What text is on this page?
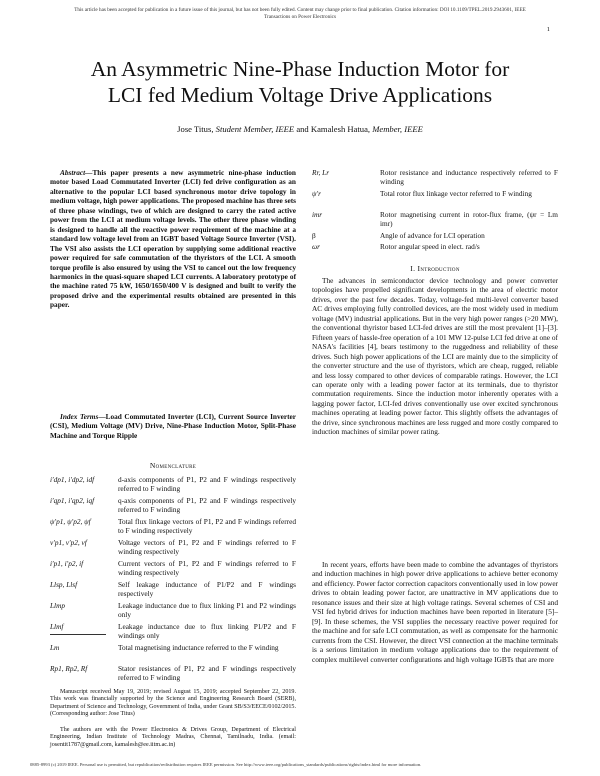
This article has been accepted for publication in a future issue of this journal, but has not been fully edited. Content may change prior to final publication. Citation information: DOI 10.1109/TPEL.2019.2943601, IEEE
Transactions on Power Electronics
1
An Asymmetric Nine-Phase Induction Motor for
LCI fed Medium Voltage Drive Applications
Jose Titus, Student Member, IEEE and Kamalesh Hatua, Member, IEEE
Abstract—This paper presents a new asymmetric nine-phase induction motor based Load Commutated Inverter (LCI) fed drive configuration as an alternative to the popular LCI based synchronous motor drive topology in medium voltage, high power applications. The proposed machine has three sets of three phase windings, two of which are designed to carry the rated active power from the LCI at medium voltage levels. The other three phase winding is designed to handle all the reactive power requirement of the machine at a standard low voltage level from an IGBT based Voltage Source Inverter (VSI). The VSI also assists the LCI operation by supplying some additional reactive power required for safe commutation of the thyristors of the LCI. A smooth torque profile is also ensured by using the VSI to cancel out the low frequency harmonics in the quasi-square shaped LCI currents. A laboratory prototype of the machine rated 75 kW, 1650/1650/400 V is designed and built to verify the proposed drive and the experimental results obtained are presented in this paper.
Index Terms—Load Commutated Inverter (LCI), Current Source Inverter (CSI), Medium Voltage (MV) Drive, Nine-Phase Induction Motor, Split-Phase Machine and Torque Ripple
Nomenclature
i′dp1, i′dp2, idf	d-axis components of P1, P2 and F windings respectively referred to F winding
i′qp1, i′qp2, iqf	q-axis components of P1, P2 and F windings respectively referred to F winding
ψ′p1, ψ′p2, ψf	Total flux linkage vectors of P1, P2 and F windings referred to F winding respectively
v′p1, v′p2, vf	Voltage vectors of P1, P2 and F windings referred to F winding respectively
i′p1, i′p2, if	Current vectors of P1, P2 and F windings referred to F winding respectively
Llsp, Llsf	Self leakage inductance of P1/P2 and F windings respectively
Llmp	Leakage inductance due to flux linking P1 and P2 windings only
Llmf	Leakage inductance due to flux linking P1/P2 and F windings only
Lm	Total magnetising inductance referred to the F winding
Rp1, Rp2, Rf	Stator resistances of P1, P2 and F windings respectively referred to F winding
Manuscript received May 19, 2019; revised August 15, 2019; accepted September 22, 2019. This work was financially supported by the Science and Engineering Research Board (SERB), Department of Science and Technology, Government of India, under Grant SB/S3/EECE/0102/2015. (Corresponding author: Jose Titus)
The authors are with the Power Electronics & Drives Group, Department of Electrical Engineering, Indian Institute of Technology Madras, Chennai, Tamilnadu, India. (email: josentit1787@gmail.com, kamalesh@ee.iitm.ac.in)
Rr, Lr	Rotor resistance and inductance respectively referred to F winding
ψ′r	Total rotor flux linkage vector referred to F winding
imr	Rotor magnetising current in rotor-flux frame, (ψr = Lm imr)
β	Angle of advance for LCI operation
ωr	Rotor angular speed in elect. rad/s
I. Introduction
The advances in semiconductor device technology and power converter topologies have propelled significant developments in the area of electric motor drives, over the past few decades. Today, voltage-fed multi-level converter based AC drives employing fully controlled devices, are the most widely used in medium voltage (MV) industrial applications. But in the very high power ranges (>20 MW), the conventional thyristor based LCI-fed drives are still the most prevalent [1]–[3]. Fifteen years of hassle-free operation of a 101 MW 12-pulse LCI fed drive at one of NASA's facilities [4], bears testimony to the ruggedness and reliability of these drives. Such high power applications of the LCI are mainly due to the simplicity of the converter structure and the use of thyristors, which are cheap, rugged, reliable and less lossy compared to other devices of comparable ratings. However, the LCI can operate only with a leading power factor at its terminals, due to thyristor commutation requirements. Since the induction motor inherently operates with a lagging power factor, LCI-fed drives conventionally use over excited synchronous machines operating at leading power factor. This slightly offsets the advantages of the drive, since synchronous machines are less rugged and more costly compared to induction machines of similar power rating.
In recent years, efforts have been made to combine the advantages of thyristors and induction machines in high power drive applications to achieve better economy and efficiency. Power factor correction capacitors conventionally used in low power drives to obtain leading power factor, are unattractive in MV applications due to resonance issues and their size at high voltage ratings. Several schemes of CSI and VSI fed hybrid drives for induction machines have been reported in literature [5]–[9]. In these schemes, the VSI supplies the necessary reactive power required for the machine and for safe LCI commutation, as well as compensate for the harmonic currents from the CSI. However, the direct VSI connection at the machine terminals is a serious limitation in medium voltage applications due to the requirement of complex multilevel converter configurations and high voltage IGBTs that are more
0885-8993 (c) 2019 IEEE. Personal use is permitted, but republication/redistribution requires IEEE permission. See http://www.ieee.org/publications_standards/publications/rights/index.html for more information.
